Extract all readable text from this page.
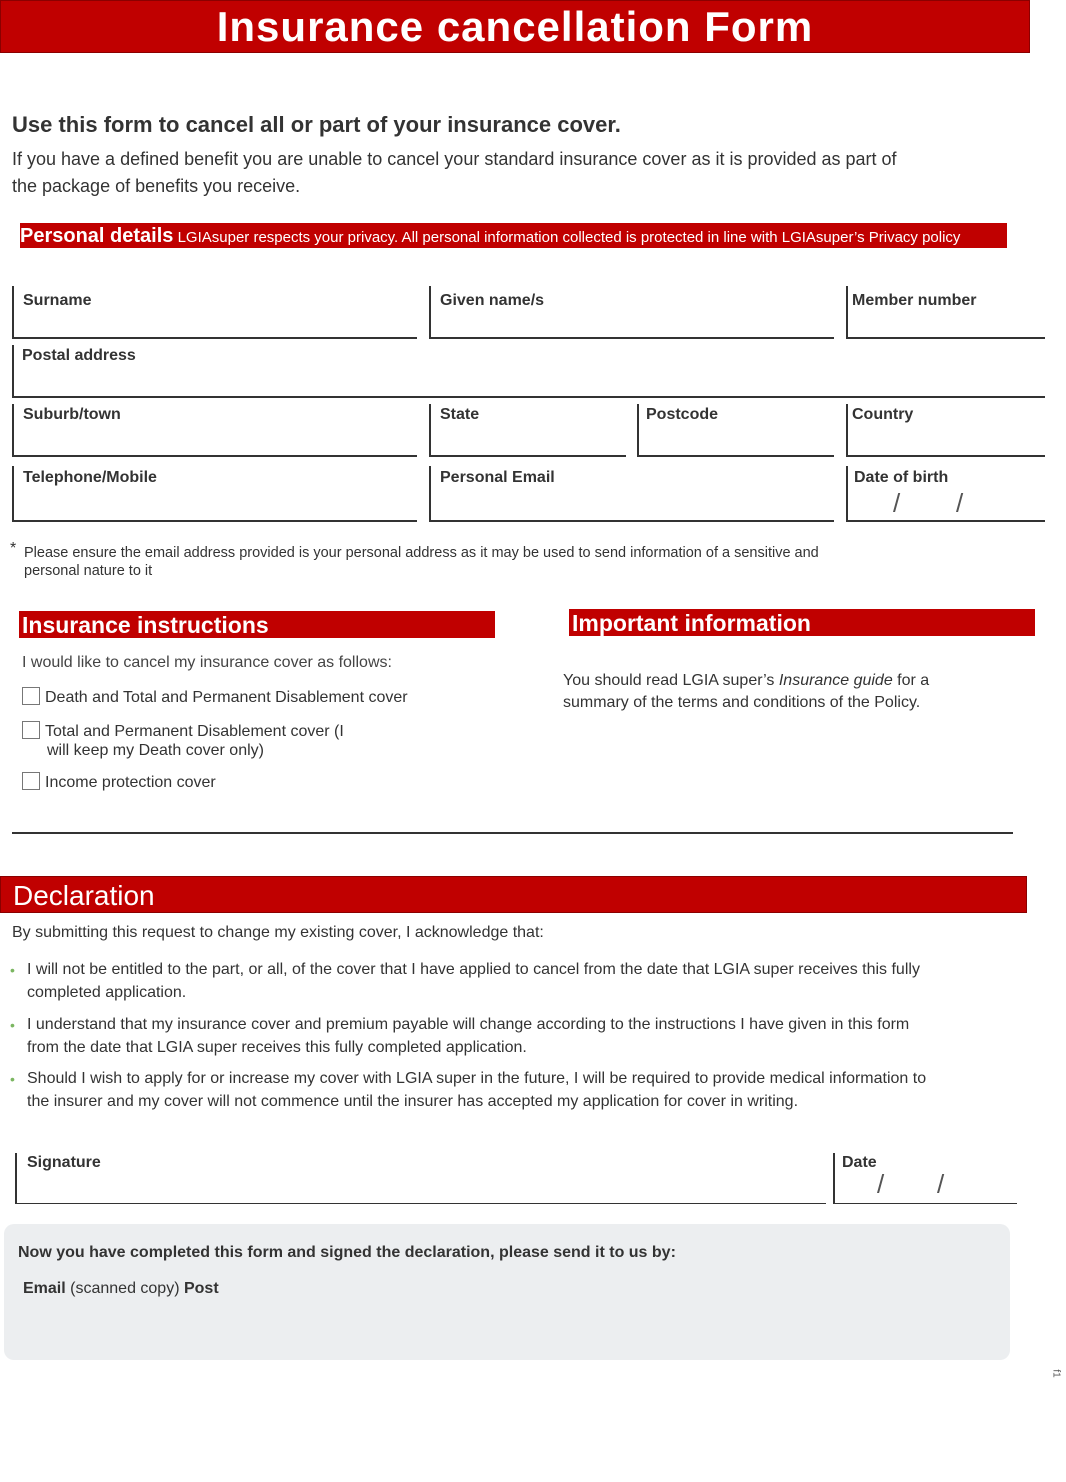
Insurance cancellation Form
Use this form to cancel all or part of your insurance cover.
If you have a defined benefit you are unable to cancel your standard insurance cover as it is provided as part of
the package of benefits you receive.
Personal details LGIAsuper respects your privacy. All personal information collected is protected in line with LGIAsuper’s Privacy policy
Surname	Given name/s	Member number
Postal address
Suburb/town	State	Postcode	Country
Telephone/Mobile	Personal Email	Date of birth
/ /
* Please ensure the email address provided is your personal address as it may be used to send information of a sensitive and
personal nature to it
Insurance instructions
I would like to cancel my insurance cover as follows:
Death and Total and Permanent Disablement cover
Total and Permanent Disablement cover (I
will keep my Death cover only)
Income protection cover
Important information
You should read LGIA super’s Insurance guide for a
summary of the terms and conditions of the Policy.
Declaration
By submitting this request to change my existing cover, I acknowledge that:
• I will not be entitled to the part, or all, of the cover that I have applied to cancel from the date that LGIA super receives this fully
completed application.
• I understand that my insurance cover and premium payable will change according to the instructions I have given in this form
from the date that LGIA super receives this fully completed application.
• Should I wish to apply for or increase my cover with LGIA super in the future, I will be required to provide medical information to
the insurer and my cover will not commence until the insurer has accepted my application for cover in writing.
Signature	Date
/ /
Now you have completed this form and signed the declaration, please send it to us by:
Email (scanned copy) Post
f1
